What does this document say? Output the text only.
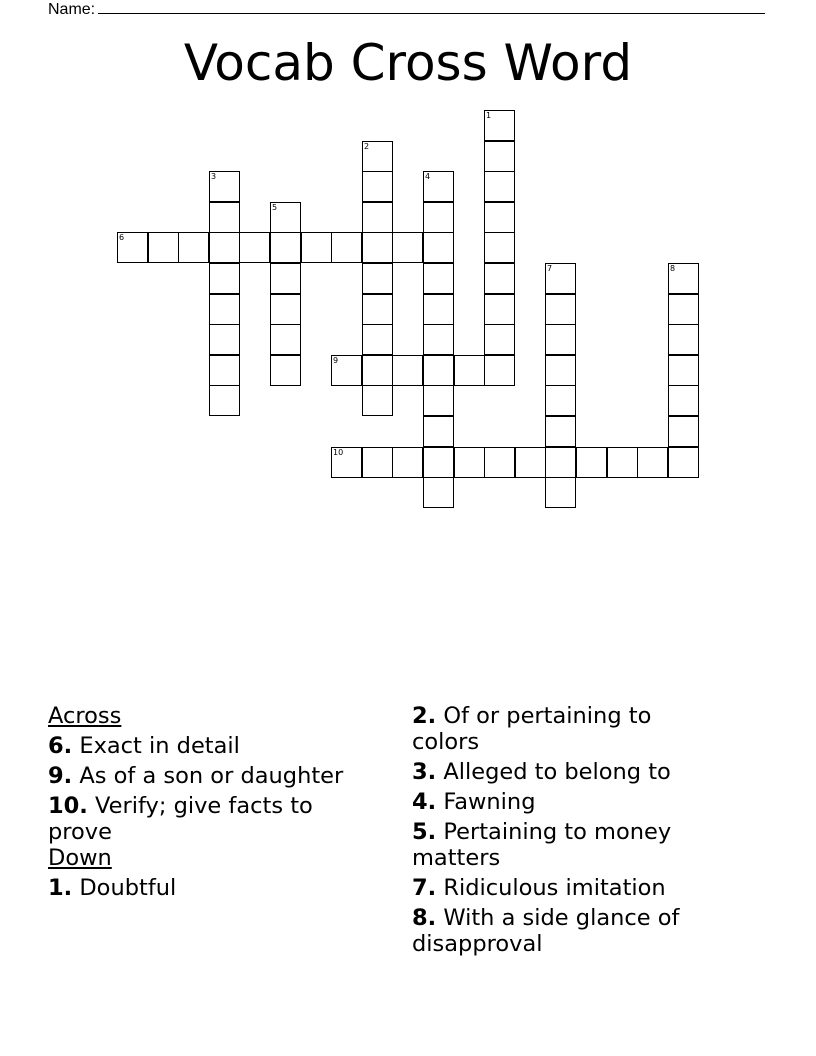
Name:
Vocab Cross Word
1
2
3	4
5
6
7	8
9
10
Across
6. Exact in detail
9. As of a son or daughter
10. Verify; give facts to prove
Down
1. Doubtful
2. Of or pertaining to colors
3. Alleged to belong to
4. Fawning
5. Pertaining to money matters
7. Ridiculous imitation
8. With a side glance of disapproval
